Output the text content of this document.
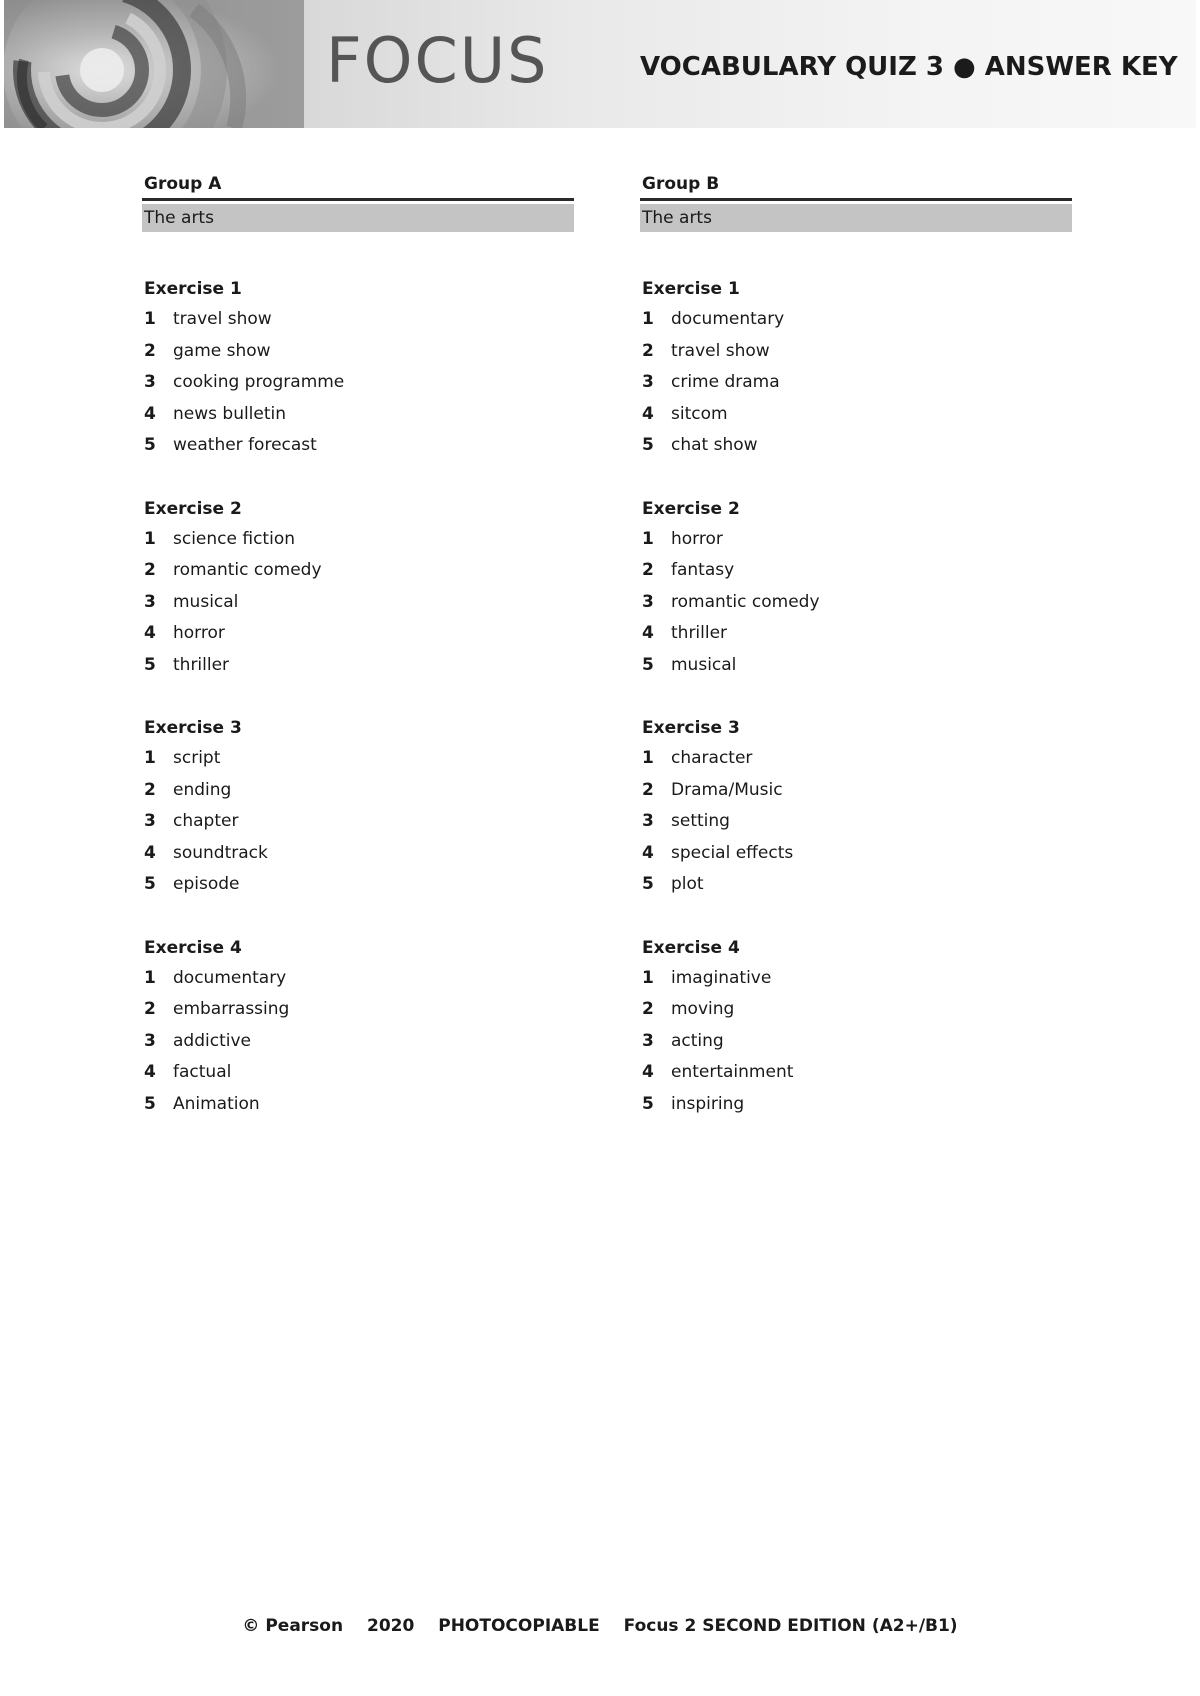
FOCUS	VOCABULARY QUIZ 3 ● ANSWER KEY
Group A
The arts
Exercise 1
1	travel show
2	game show
3	cooking programme
4	news bulletin
5	weather forecast
Exercise 2
1	science fiction
2	romantic comedy
3	musical
4	horror
5	thriller
Exercise 3
1	script
2	ending
3	chapter
4	soundtrack
5	episode
Exercise 4
1	documentary
2	embarrassing
3	addictive
4	factual
5	Animation
Group B
The arts
Exercise 1
1	documentary
2	travel show
3	crime drama
4	sitcom
5	chat show
Exercise 2
1	horror
2	fantasy
3	romantic comedy
4	thriller
5	musical
Exercise 3
1	character
2	Drama/Music
3	setting
4	special effects
5	plot
Exercise 4
1	imaginative
2	moving
3	acting
4	entertainment
5	inspiring
© Pearson 2020 PHOTOCOPIABLE Focus 2 SECOND EDITION (A2+/B1)
